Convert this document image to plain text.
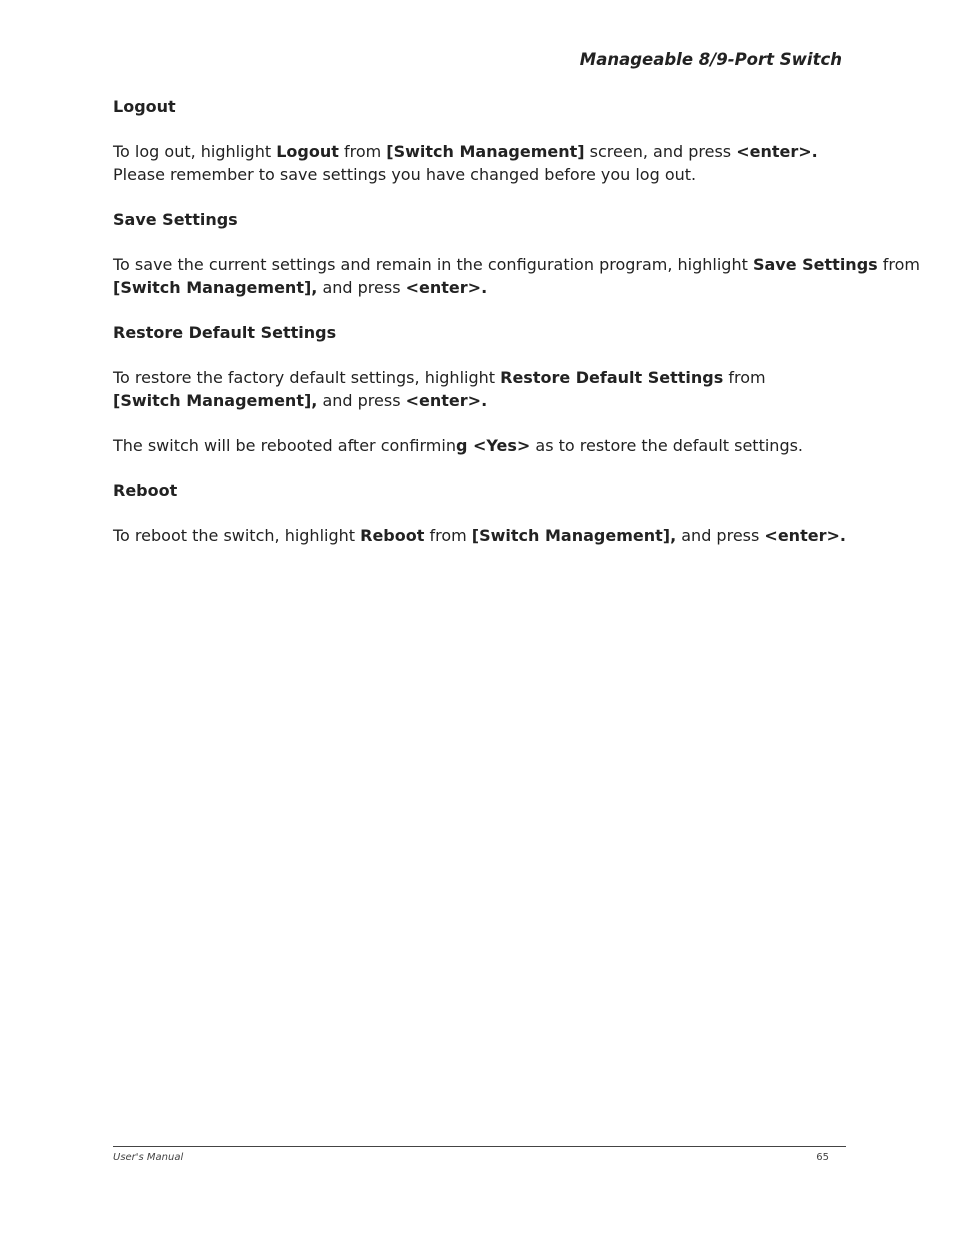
Manageable 8/9-Port Switch
Logout

To log out, highlight Logout from [Switch Management] screen, and press <enter>.
Please remember to save settings you have changed before you log out.

Save Settings

To save the current settings and remain in the configuration program, highlight Save Settings from
[Switch Management], and press <enter>.

Restore Default Settings

To restore the factory default settings, highlight Restore Default Settings from
[Switch Management], and press <enter>.

The switch will be rebooted after confirming <Yes> as to restore the default settings.

Reboot

To reboot the switch, highlight Reboot from [Switch Management], and press <enter>.

User's Manual	65
